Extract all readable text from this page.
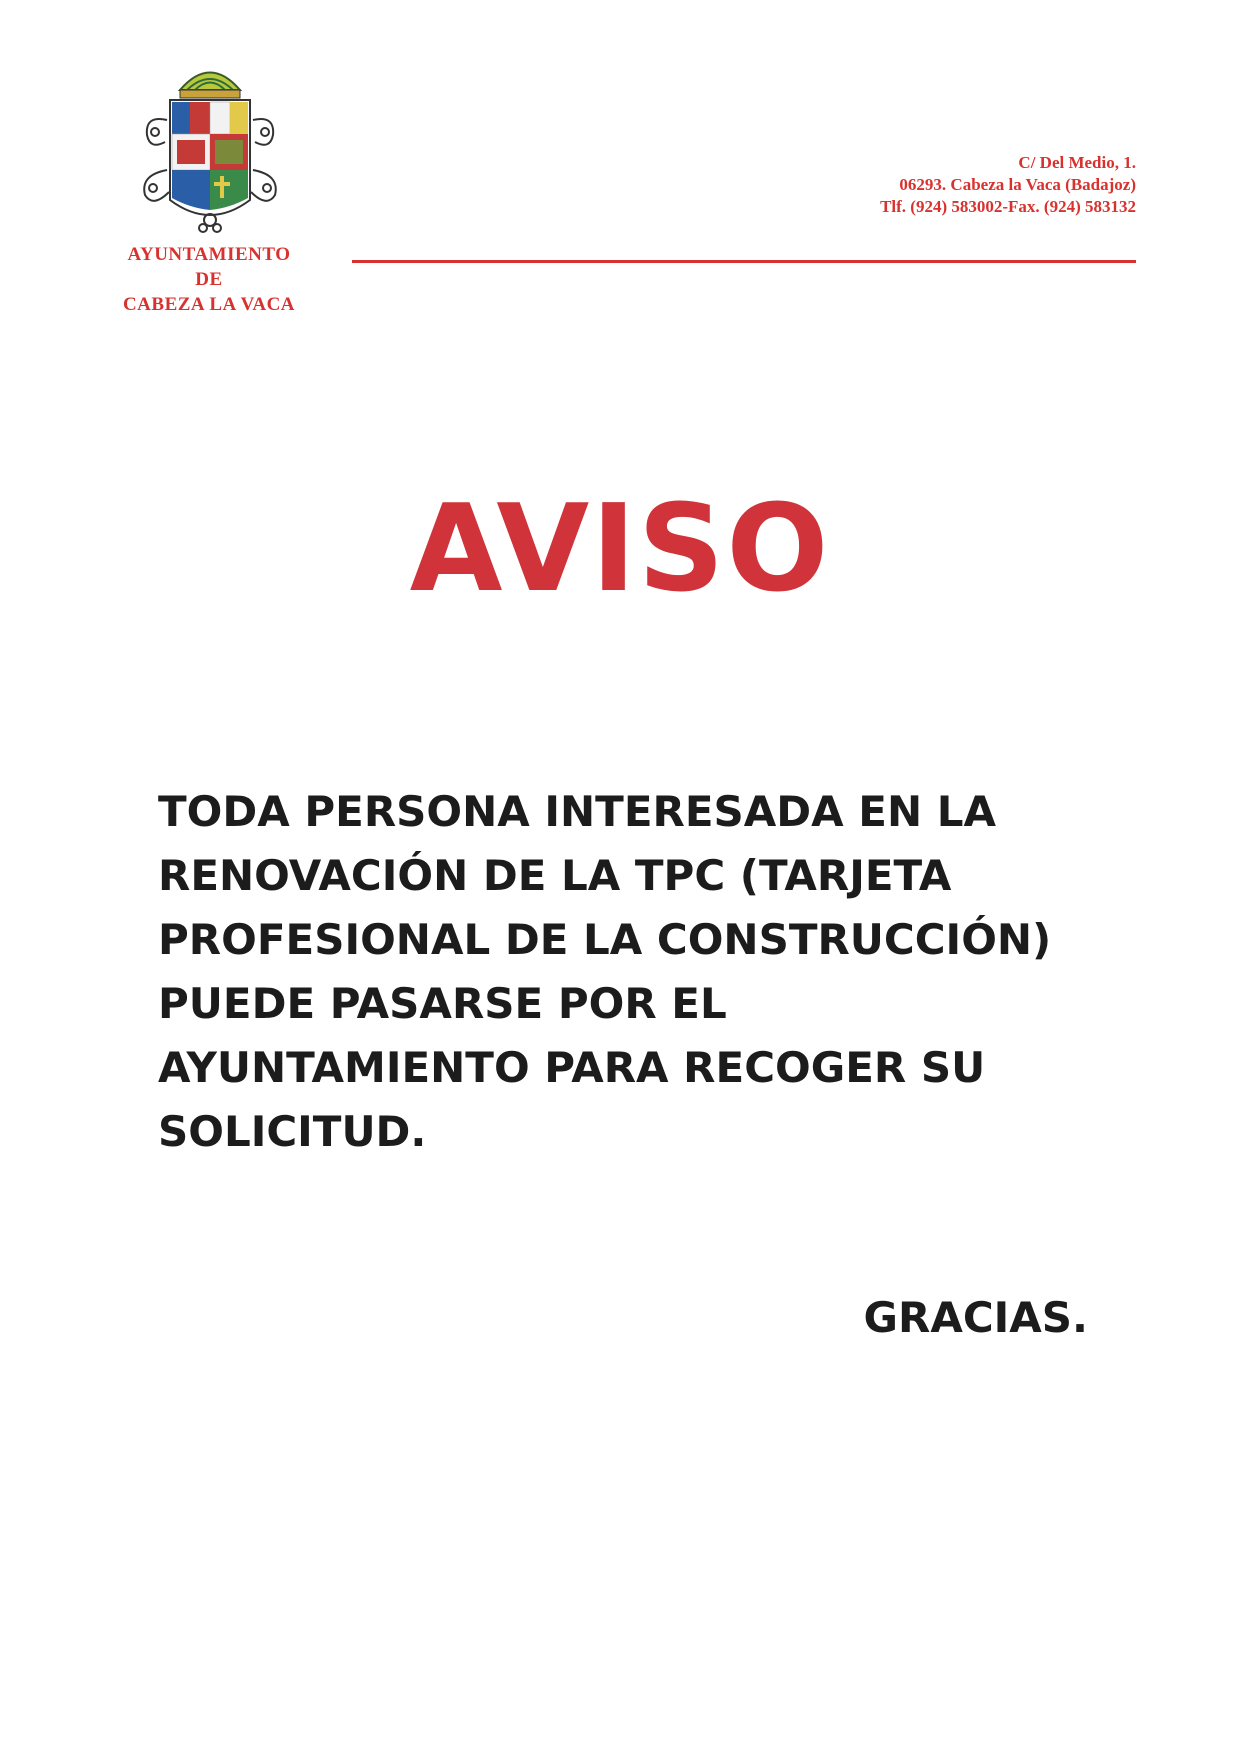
AYUNTAMIENTO
DE
CABEZA LA VACA
C/ Del Medio, 1.
06293. Cabeza la Vaca (Badajoz)
Tlf. (924) 583002-Fax. (924) 583132
AVISO
TODA PERSONA INTERESADA EN LA
RENOVACIÓN DE LA TPC (TARJETA
PROFESIONAL DE LA CONSTRUCCIÓN)
PUEDE PASARSE POR EL
AYUNTAMIENTO PARA RECOGER SU
SOLICITUD.
GRACIAS.
